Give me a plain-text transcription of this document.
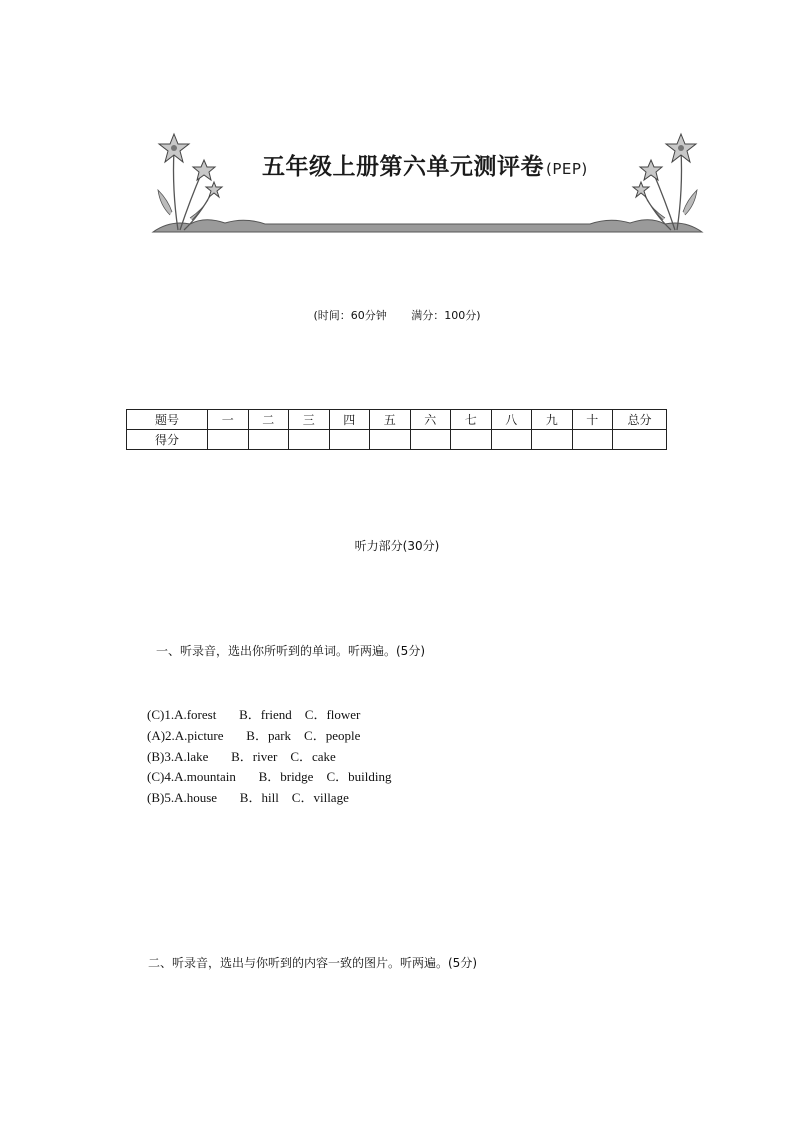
五年级上册第六单元测评卷 (PEP)
(时间：60分钟       满分：100分)
题号	一	二	三	四	五	六	七	八	九	十	总分
得分											
听力部分(30分)
一、听录音，选出你所听到的单词。听两遍。(5分)
(C)1.A.forest       B．friend    C．flower
(A)2.A.picture       B．park    C．people
(B)3.A.lake       B．river    C．cake
(C)4.A.mountain       B．bridge    C．building
(B)5.A.house       B．hill    C．village
二、听录音，选出与你听到的内容一致的图片。听两遍。(5分)
